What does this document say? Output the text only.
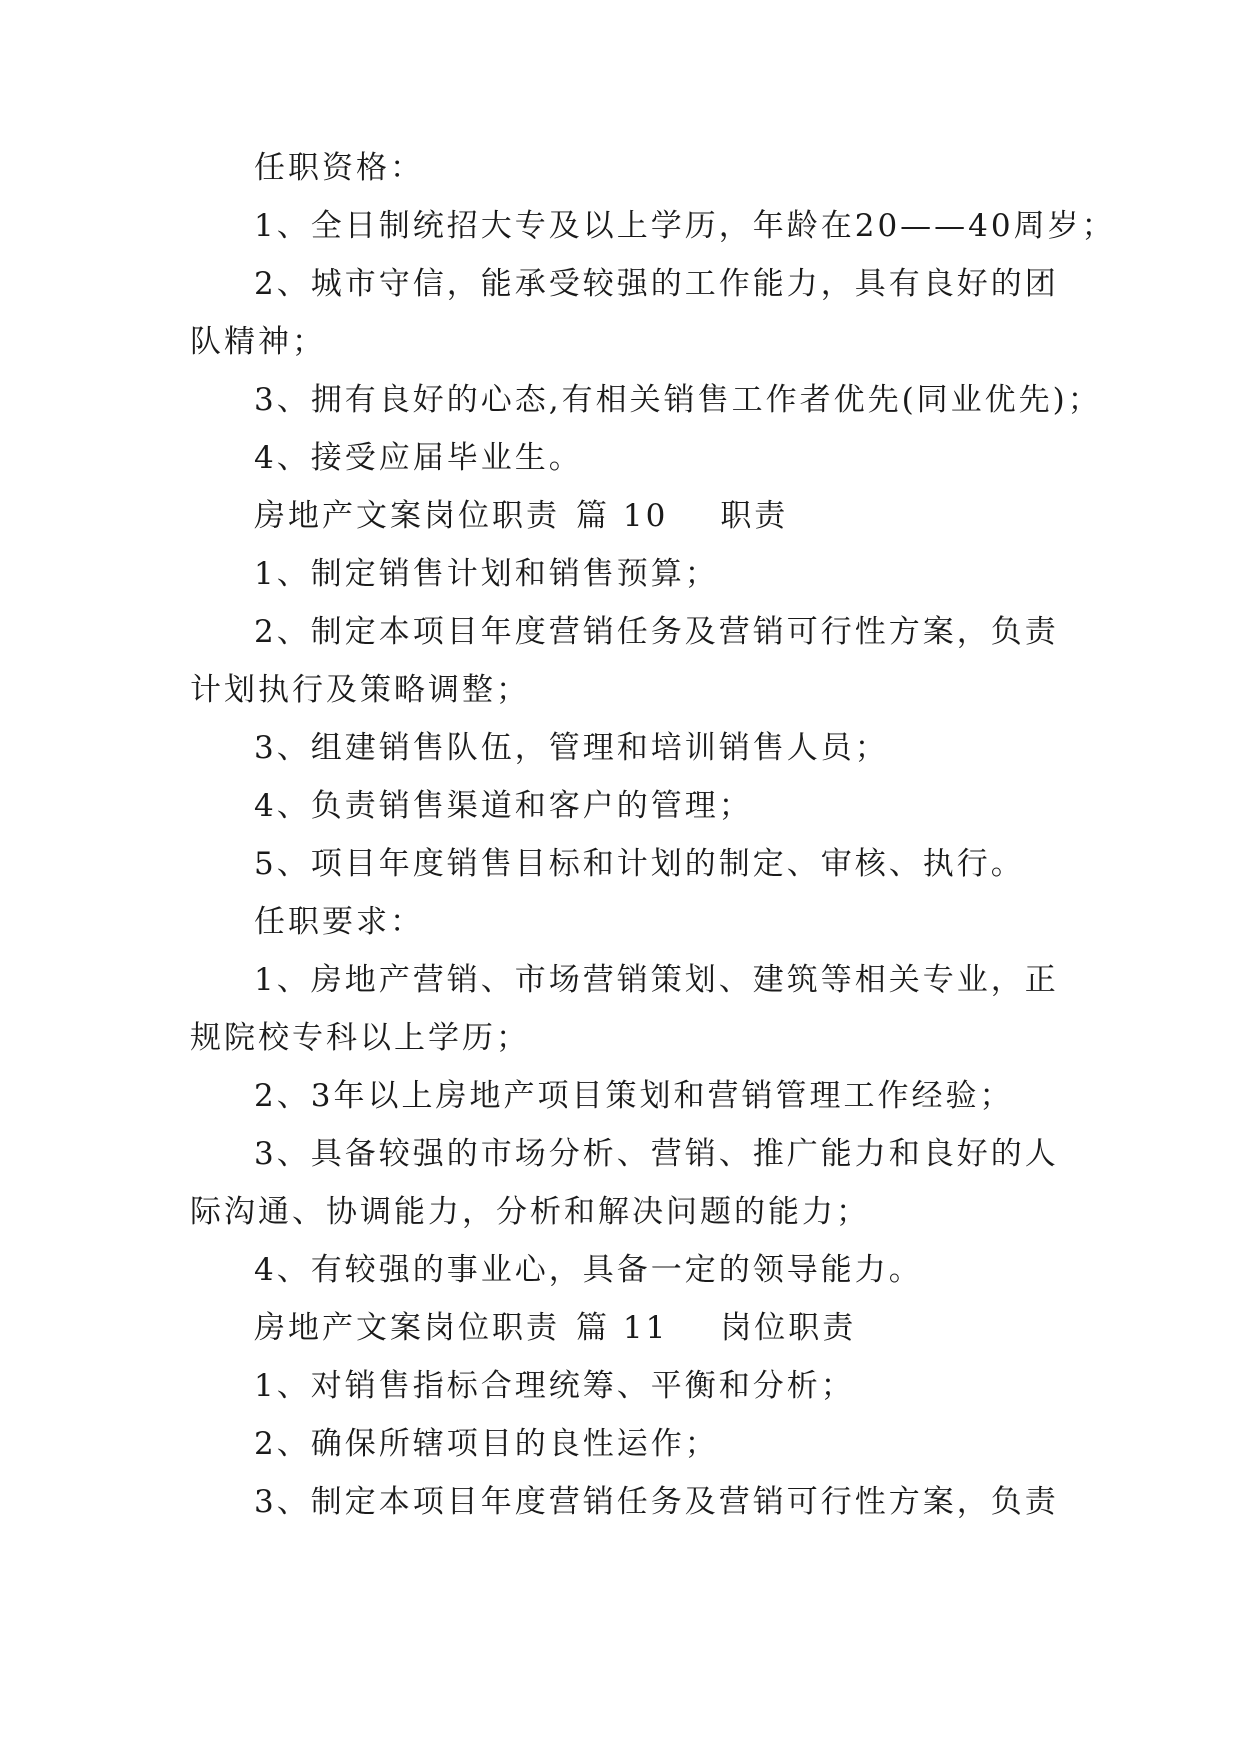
任职资格：
1、全日制统招大专及以上学历，年龄在20——40周岁；
2、城市守信，能承受较强的工作能力，具有良好的团
队精神；
3、拥有良好的心态,有相关销售工作者优先(同业优先)；
4、接受应届毕业生。
房地产文案岗位职责 篇 10 职责
1、制定销售计划和销售预算；
2、制定本项目年度营销任务及营销可行性方案，负责
计划执行及策略调整；
3、组建销售队伍，管理和培训销售人员；
4、负责销售渠道和客户的管理；
5、项目年度销售目标和计划的制定、审核、执行。
任职要求：
1、房地产营销、市场营销策划、建筑等相关专业，正
规院校专科以上学历；
2、3年以上房地产项目策划和营销管理工作经验；
3、具备较强的市场分析、营销、推广能力和良好的人
际沟通、协调能力，分析和解决问题的能力；
4、有较强的事业心，具备一定的领导能力。
房地产文案岗位职责 篇 11 岗位职责
1、对销售指标合理统筹、平衡和分析；
2、确保所辖项目的良性运作；
3、制定本项目年度营销任务及营销可行性方案，负责
